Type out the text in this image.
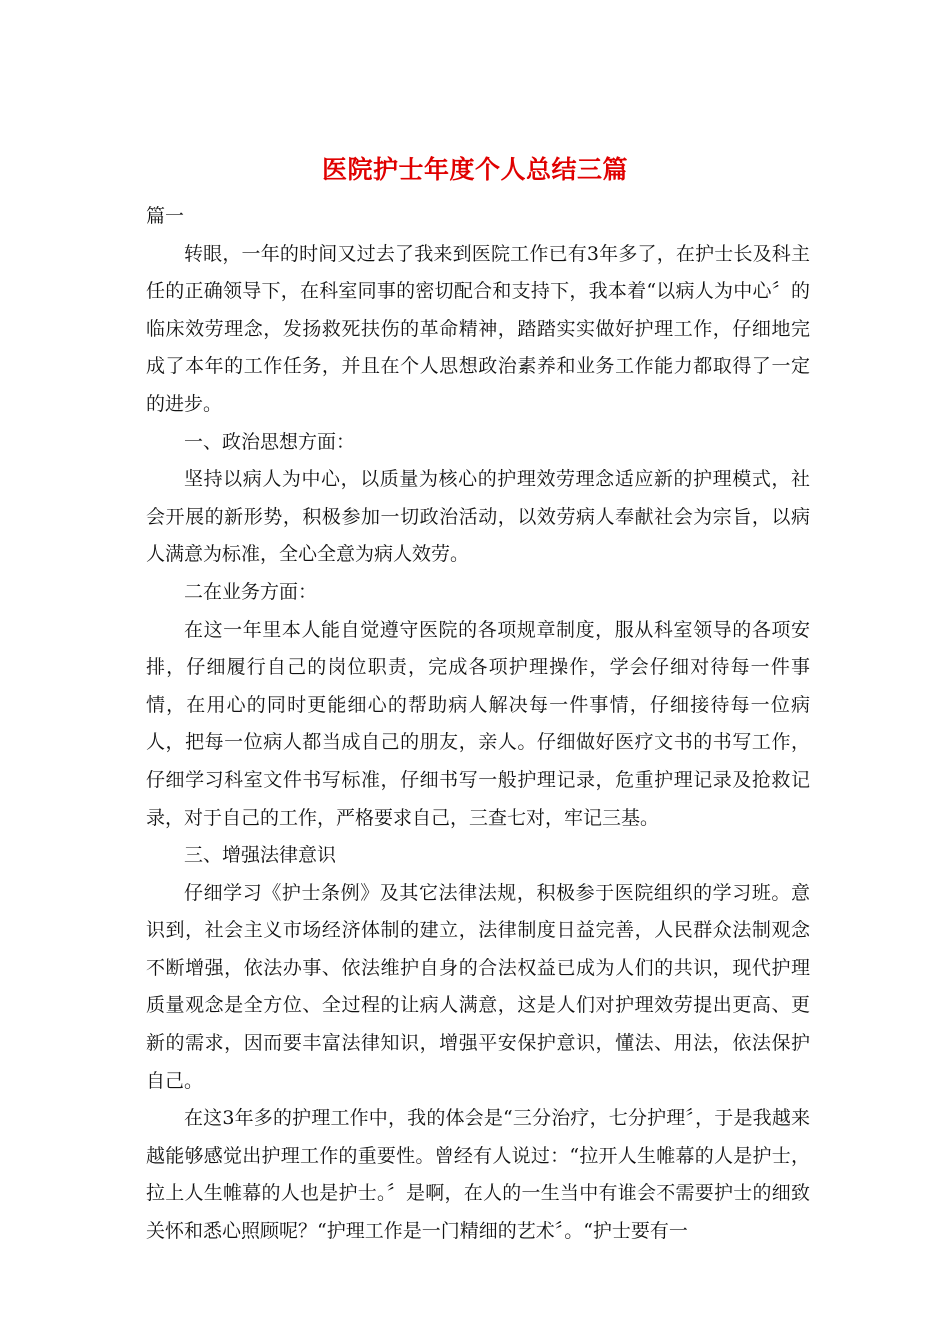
医院护士年度个人总结三篇

篇一

转眼，一年的时间又过去了我来到医院工作已有3年多了，在护士长及科主任的正确领导下，在科室同事的密切配合和支持下，我本着“以病人为中心〞的临床效劳理念，发扬救死扶伤的革命精神，踏踏实实做好护理工作，仔细地完成了本年的工作任务，并且在个人思想政治素养和业务工作能力都取得了一定的进步。

一、政治思想方面：

坚持以病人为中心，以质量为核心的护理效劳理念适应新的护理模式，社会开展的新形势，积极参加一切政治活动，以效劳病人奉献社会为宗旨，以病人满意为标准，全心全意为病人效劳。

二在业务方面：

在这一年里本人能自觉遵守医院的各项规章制度，服从科室领导的各项安排，仔细履行自己的岗位职责，完成各项护理操作，学会仔细对待每一件事情，在用心的同时更能细心的帮助病人解决每一件事情，仔细接待每一位病人，把每一位病人都当成自己的朋友，亲人。仔细做好医疗文书的书写工作，仔细学习科室文件书写标准，仔细书写一般护理记录，危重护理记录及抢救记录，对于自己的工作，严格要求自己，三查七对，牢记三基。

三、增强法律意识

仔细学习《护士条例》及其它法律法规，积极参于医院组织的学习班。意识到，社会主义市场经济体制的建立，法律制度日益完善，人民群众法制观念不断增强，依法办事、依法维护自身的合法权益已成为人们的共识，现代护理质量观念是全方位、全过程的让病人满意，这是人们对护理效劳提出更高、更新的需求，因而要丰富法律知识，增强平安保护意识，懂法、用法，依法保护自己。

在这3年多的护理工作中，我的体会是“三分治疗，七分护理〞，于是我越来越能够感觉出护理工作的重要性。曾经有人说过：“拉开人生帷幕的人是护士，拉上人生帷幕的人也是护士。〞是啊，在人的一生当中有谁会不需要护士的细致关怀和悉心照顾呢？“护理工作是一门精细的艺术〞。“护士要有一
